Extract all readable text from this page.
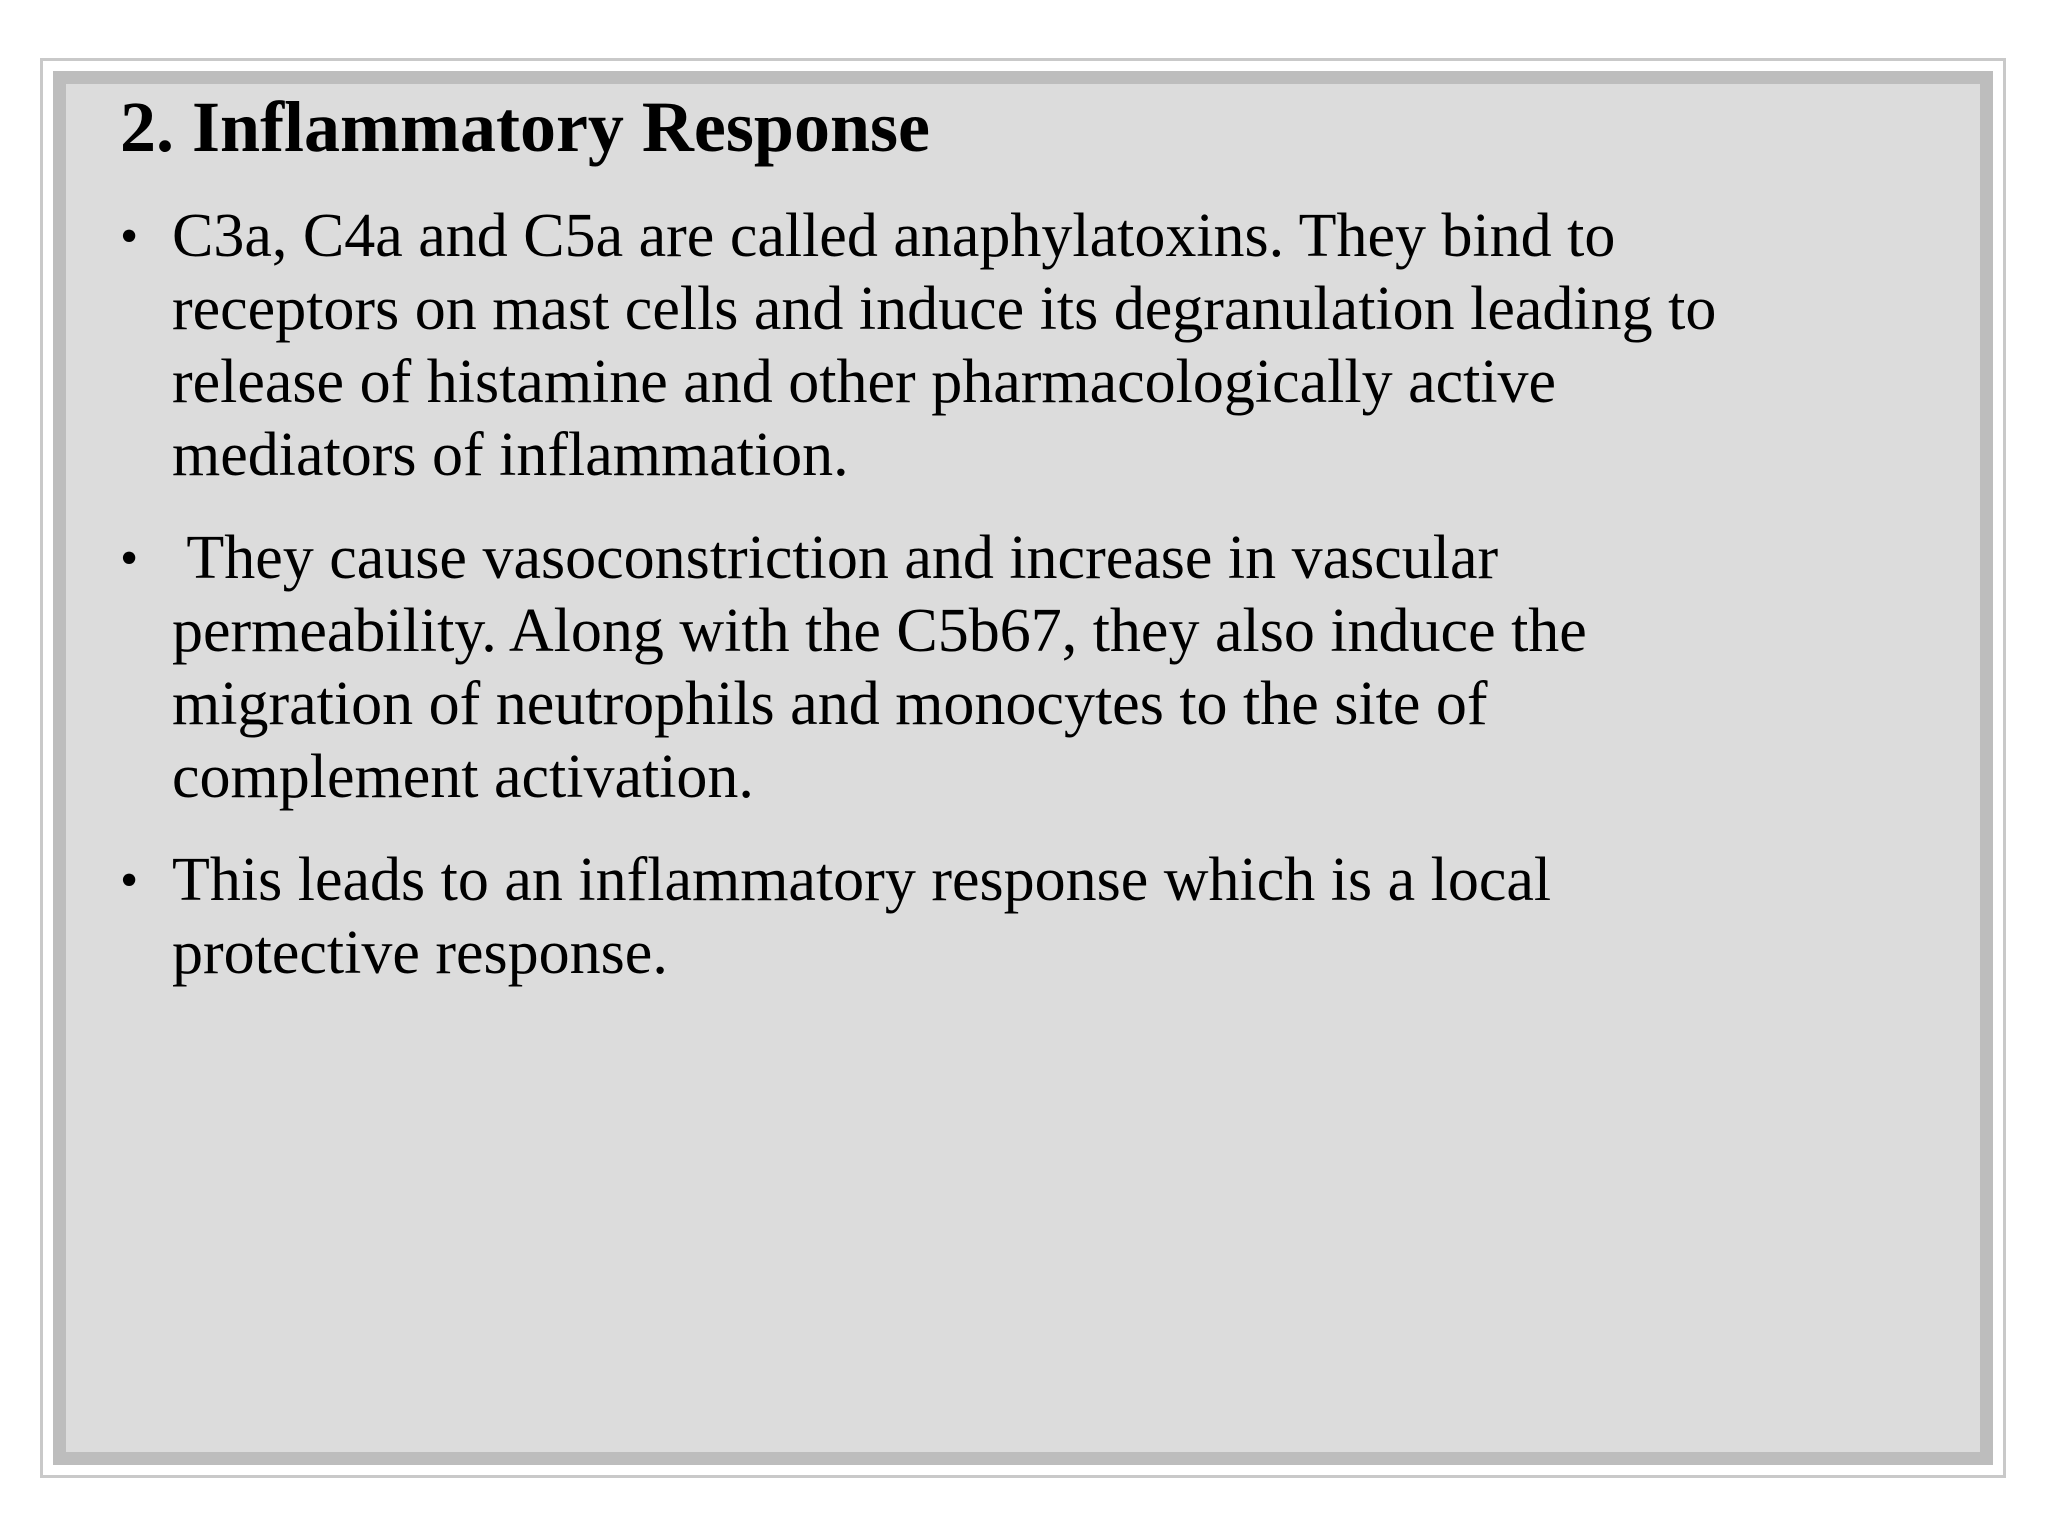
2. Inflammatory Response
• C3a, C4a and C5a are called anaphylatoxins. They bind to
receptors on mast cells and induce its degranulation leading to
release of histamine and other pharmacologically active
mediators of inflammation.
• They cause vasoconstriction and increase in vascular
permeability. Along with the C5b67, they also induce the
migration of neutrophils and monocytes to the site of
complement activation.
• This leads to an inflammatory response which is a local
protective response.
